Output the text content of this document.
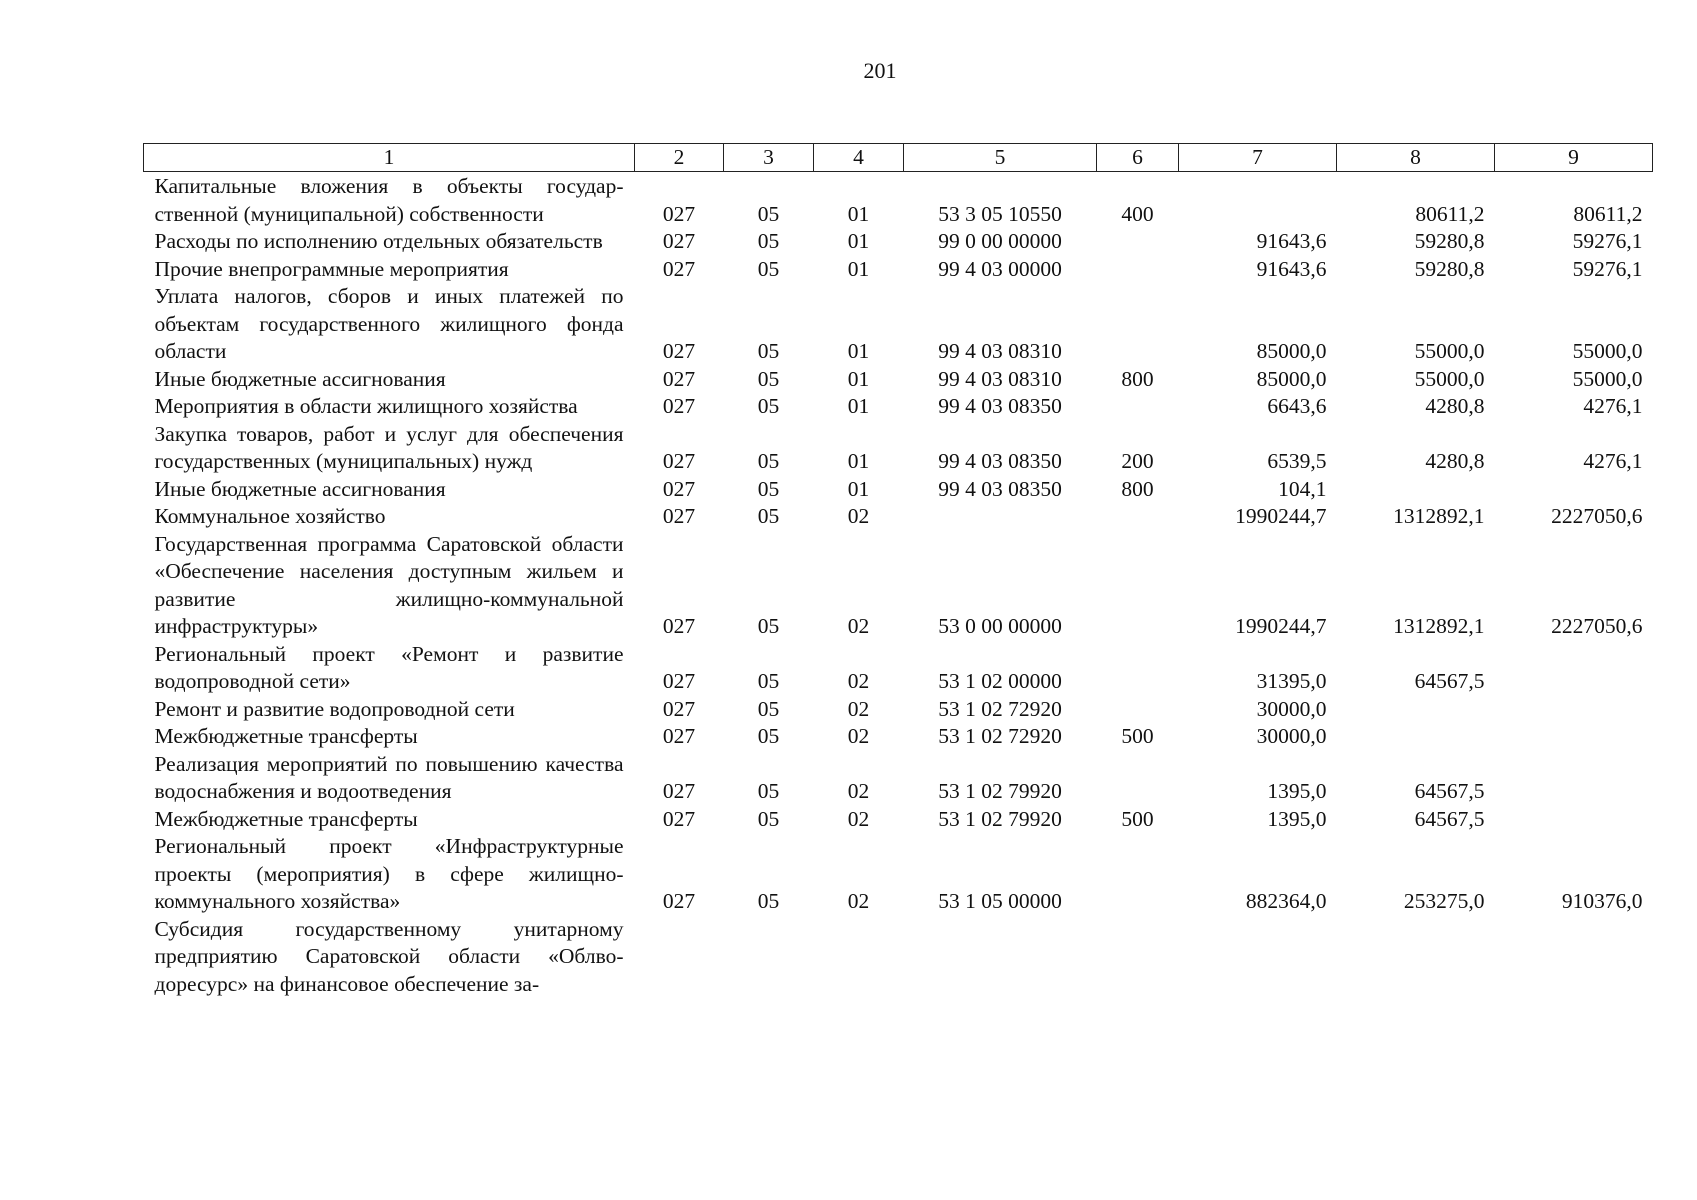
201
1	2	3	4	5	6	7	8	9
Капитальные вложения в объекты государственной (муниципальной) собственности	027	05	01	53 3 05 10550	400		80611,2	80611,2
Расходы по исполнению отдельных обязательств	027	05	01	99 0 00 00000		91643,6	59280,8	59276,1
Прочие внепрограммные мероприятия	027	05	01	99 4 03 00000		91643,6	59280,8	59276,1
Уплата налогов, сборов и иных платежей по объектам государственного жилищного фонда области	027	05	01	99 4 03 08310		85000,0	55000,0	55000,0
Иные бюджетные ассигнования	027	05	01	99 4 03 08310	800	85000,0	55000,0	55000,0
Мероприятия в области жилищного хозяйства	027	05	01	99 4 03 08350		6643,6	4280,8	4276,1
Закупка товаров, работ и услуг для обеспечения государственных (муниципальных) нужд	027	05	01	99 4 03 08350	200	6539,5	4280,8	4276,1
Иные бюджетные ассигнования	027	05	01	99 4 03 08350	800	104,1		
Коммунальное хозяйство	027	05	02			1990244,7	1312892,1	2227050,6
Государственная программа Саратовской области «Обеспечение населения доступным жильем и развитие жилищно-коммунальной инфраструктуры»	027	05	02	53 0 00 00000		1990244,7	1312892,1	2227050,6
Региональный проект «Ремонт и развитие водопроводной сети»	027	05	02	53 1 02 00000		31395,0	64567,5	
Ремонт и развитие водопроводной сети	027	05	02	53 1 02 72920		30000,0		
Межбюджетные трансферты	027	05	02	53 1 02 72920	500	30000,0		
Реализация мероприятий по повышению качества водоснабжения и водоотведения	027	05	02	53 1 02 79920		1395,0	64567,5	
Межбюджетные трансферты	027	05	02	53 1 02 79920	500	1395,0	64567,5	
Региональный проект «Инфраструктурные проекты (мероприятия) в сфере жилищно-коммунального хозяйства»	027	05	02	53 1 05 00000		882364,0	253275,0	910376,0
Субсидия государственному унитарному предприятию Саратовской области «Облводоресурс» на финансовое обеспечение за-								
